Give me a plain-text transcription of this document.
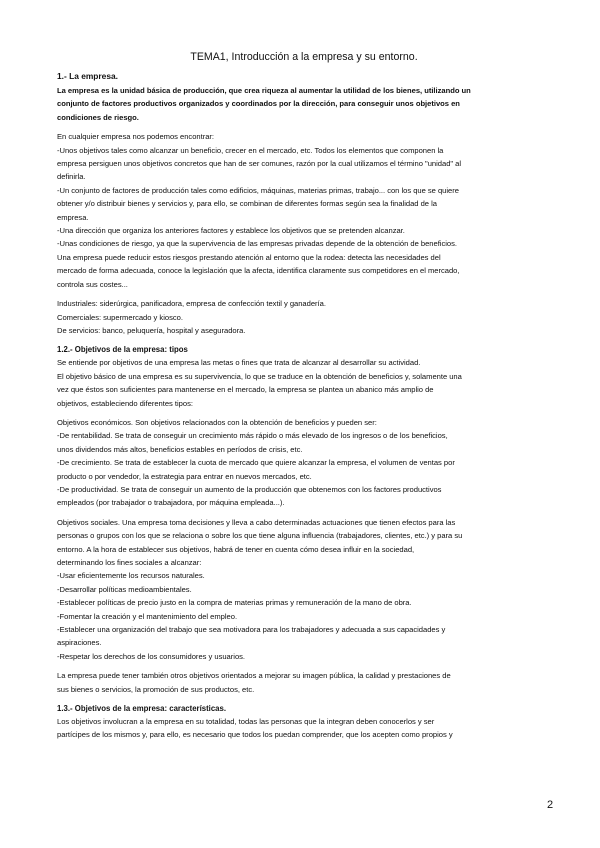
TEMA1, Introducción a la empresa y su entorno.
1.- La empresa.
La empresa es la unidad básica de producción, que crea riqueza al aumentar la utilidad de los bienes, utilizando un
conjunto de factores productivos organizados y coordinados por la dirección, para conseguir unos objetivos en
condiciones de riesgo.
En cualquier empresa nos podemos encontrar:
-Unos objetivos tales como alcanzar un beneficio, crecer en el mercado, etc. Todos los elementos que componen la
empresa persiguen unos objetivos concretos que han de ser comunes, razón por la cual utilizamos el término "unidad" al
definirla.
-Un conjunto de factores de producción tales como edificios, máquinas, materias primas, trabajo... con los que se quiere
obtener y/o distribuir bienes y servicios y, para ello, se combinan de diferentes formas según sea la finalidad de la
empresa.
-Una dirección que organiza los anteriores factores y establece los objetivos que se pretenden alcanzar.
-Unas condiciones de riesgo, ya que la supervivencia de las empresas privadas depende de la obtención de beneficios.
Una empresa puede reducir estos riesgos prestando atención al entorno que la rodea: detecta las necesidades del
mercado de forma adecuada, conoce la legislación que la afecta, identifica claramente sus competidores en el mercado,
controla sus costes...
Industriales: siderúrgica, panificadora, empresa de confección textil y ganadería.
Comerciales: supermercado y kiosco.
De servicios: banco, peluquería, hospital y aseguradora.
1.2.- Objetivos de la empresa: tipos
Se entiende por objetivos de una empresa las metas o fines que trata de alcanzar al desarrollar su actividad.
El objetivo básico de una empresa es su supervivencia, lo que se traduce en la obtención de beneficios y, solamente una
vez que éstos son suficientes para mantenerse en el mercado, la empresa se plantea un abanico más amplio de
objetivos, estableciendo diferentes tipos:
Objetivos económicos. Son objetivos relacionados con la obtención de beneficios y pueden ser:
-De rentabilidad. Se trata de conseguir un crecimiento más rápido o más elevado de los ingresos o de los beneficios,
unos dividendos más altos, beneficios estables en períodos de crisis, etc.
-De crecimiento. Se trata de establecer la cuota de mercado que quiere alcanzar la empresa, el volumen de ventas por
producto o por vendedor, la estrategia para entrar en nuevos mercados, etc.
-De productividad. Se trata de conseguir un aumento de la producción que obtenemos con los factores productivos
empleados (por trabajador o trabajadora, por máquina empleada...).
Objetivos sociales. Una empresa toma decisiones y lleva a cabo determinadas actuaciones que tienen efectos para las
personas o grupos con los que se relaciona o sobre los que tiene alguna influencia (trabajadores, clientes, etc.) y para su
entorno. A la hora de establecer sus objetivos, habrá de tener en cuenta cómo desea influir en la sociedad,
determinando los fines sociales a alcanzar:
-Usar eficientemente los recursos naturales.
-Desarrollar políticas medioambientales.
-Establecer políticas de precio justo en la compra de materias primas y remuneración de la mano de obra.
-Fomentar la creación y el mantenimiento del empleo.
-Establecer una organización del trabajo que sea motivadora para los trabajadores y adecuada a sus capacidades y
aspiraciones.
-Respetar los derechos de los consumidores y usuarios.
La empresa puede tener también otros objetivos orientados a mejorar su imagen pública, la calidad y prestaciones de
sus bienes o servicios, la promoción de sus productos, etc.
1.3.- Objetivos de la empresa: características.
Los objetivos involucran a la empresa en su totalidad, todas las personas que la integran deben conocerlos y ser
partícipes de los mismos y, para ello, es necesario que todos los puedan comprender, que los acepten como propios y
2
